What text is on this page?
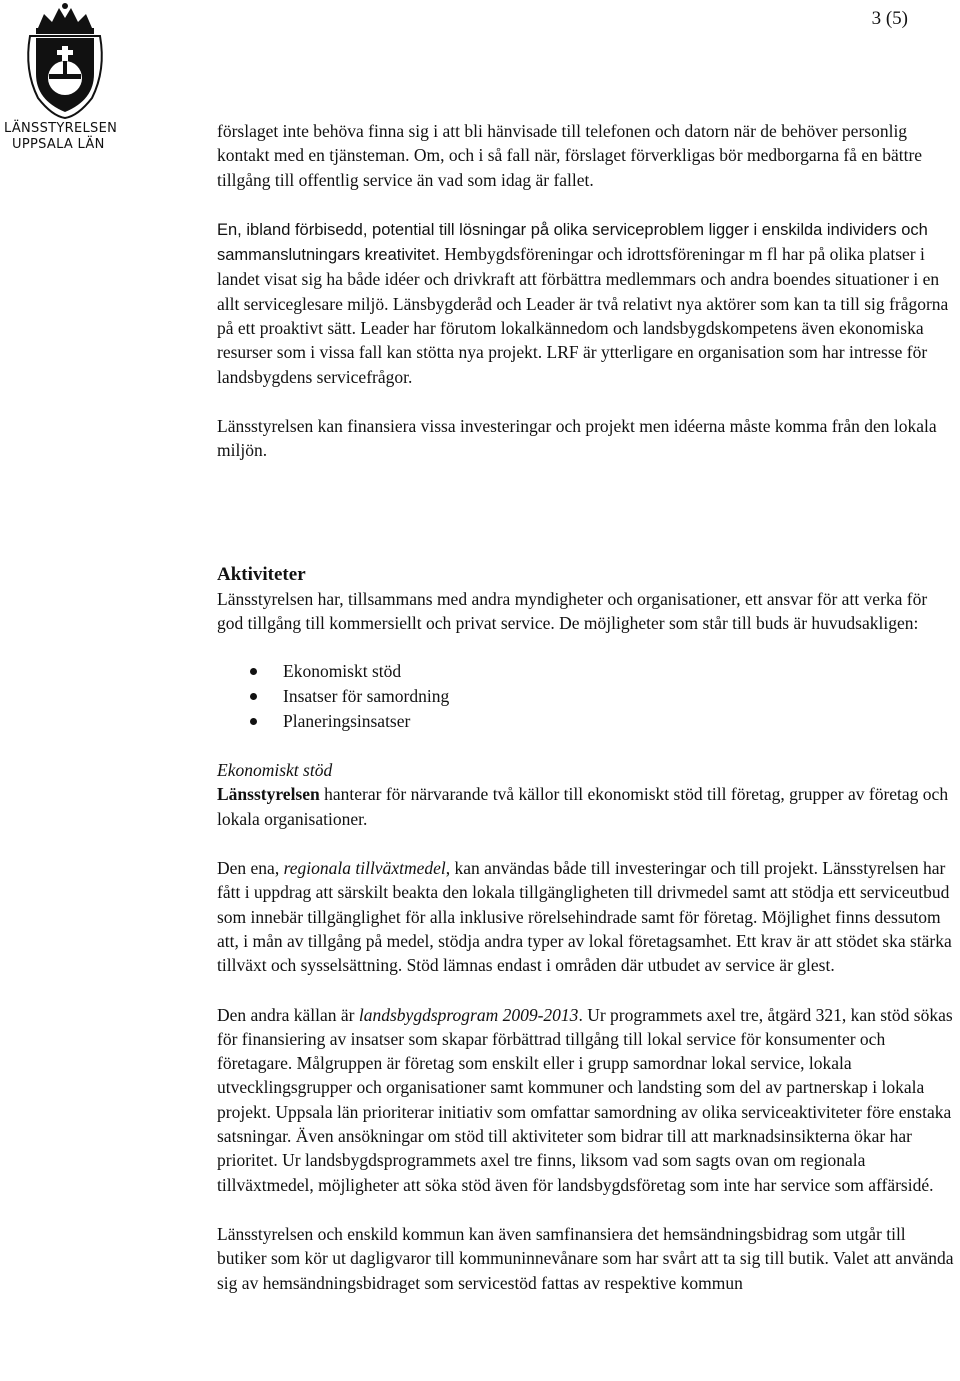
LÄNSSTYRELSEN
UPPSALA LÄN
3 (5)

förslaget inte behöva finna sig i att bli hänvisade till telefonen och datorn när de behöver personlig kontakt med en tjänsteman. Om, och i så fall när, förslaget förverkligas bör medborgarna få en bättre tillgång till offentlig service än vad som idag är fallet.

En, ibland förbisedd, potential till lösningar på olika serviceproblem ligger i enskilda individers och sammanslutningars kreativitet. Hembygdsföreningar och idrottsföreningar m fl har på olika platser i landet visat sig ha både idéer och drivkraft att förbättra medlemmars och andra boendes situationer i en allt serviceglesare miljö. Länsbygderåd och Leader är två relativt nya aktörer som kan ta till sig frågorna på ett proaktivt sätt. Leader har förutom lokalkännedom och landsbygdskompetens även ekonomiska resurser som i vissa fall kan stötta nya projekt. LRF är ytterligare en organisation som har intresse för landsbygdens servicefrågor.

Länsstyrelsen kan finansiera vissa investeringar och projekt men idéerna måste komma från den lokala miljön.

Aktiviteter

Länsstyrelsen har, tillsammans med andra myndigheter och organisationer, ett ansvar för att verka för god tillgång till kommersiellt och privat service. De möjligheter som står till buds är huvudsakligen:

Ekonomiskt stöd
Insatser för samordning
Planeringsinsatser

Ekonomiskt stöd

Länsstyrelsen hanterar för närvarande två källor till ekonomiskt stöd till företag, grupper av företag och lokala organisationer.

Den ena, regionala tillväxtmedel, kan användas både till investeringar och till projekt. Länsstyrelsen har fått i uppdrag att särskilt beakta den lokala tillgängligheten till drivmedel samt att stödja ett serviceutbud som innebär tillgänglighet för alla inklusive rörelsehindrade samt för företag. Möjlighet finns dessutom att, i mån av tillgång på medel, stödja andra typer av lokal företagsamhet. Ett krav är att stödet ska stärka tillväxt och sysselsättning. Stöd lämnas endast i områden där utbudet av service är glest.

Den andra källan är landsbygdsprogram 2009-2013. Ur programmets axel tre, åtgärd 321, kan stöd sökas för finansiering av insatser som skapar förbättrad tillgång till lokal service för konsumenter och företagare. Målgruppen är företag som enskilt eller i grupp samordnar lokal service, lokala utvecklingsgrupper och organisationer samt kommuner och landsting som del av partnerskap i lokala projekt. Uppsala län prioriterar initiativ som omfattar samordning av olika serviceaktiviteter före enstaka satsningar. Även ansökningar om stöd till aktiviteter som bidrar till att marknadsinsikterna ökar har prioritet. Ur landsbygdsprogrammets axel tre finns, liksom vad som sagts ovan om regionala tillväxtmedel, möjligheter att söka stöd även för landsbygdsföretag som inte har service som affärsidé.

Länsstyrelsen och enskild kommun kan även samfinansiera det hemsändningsbidrag som utgår till butiker som kör ut dagligvaror till kommuninnevånare som har svårt att ta sig till butik. Valet att använda sig av hemsändningsbidraget som servicestöd fattas av respektive kommun
